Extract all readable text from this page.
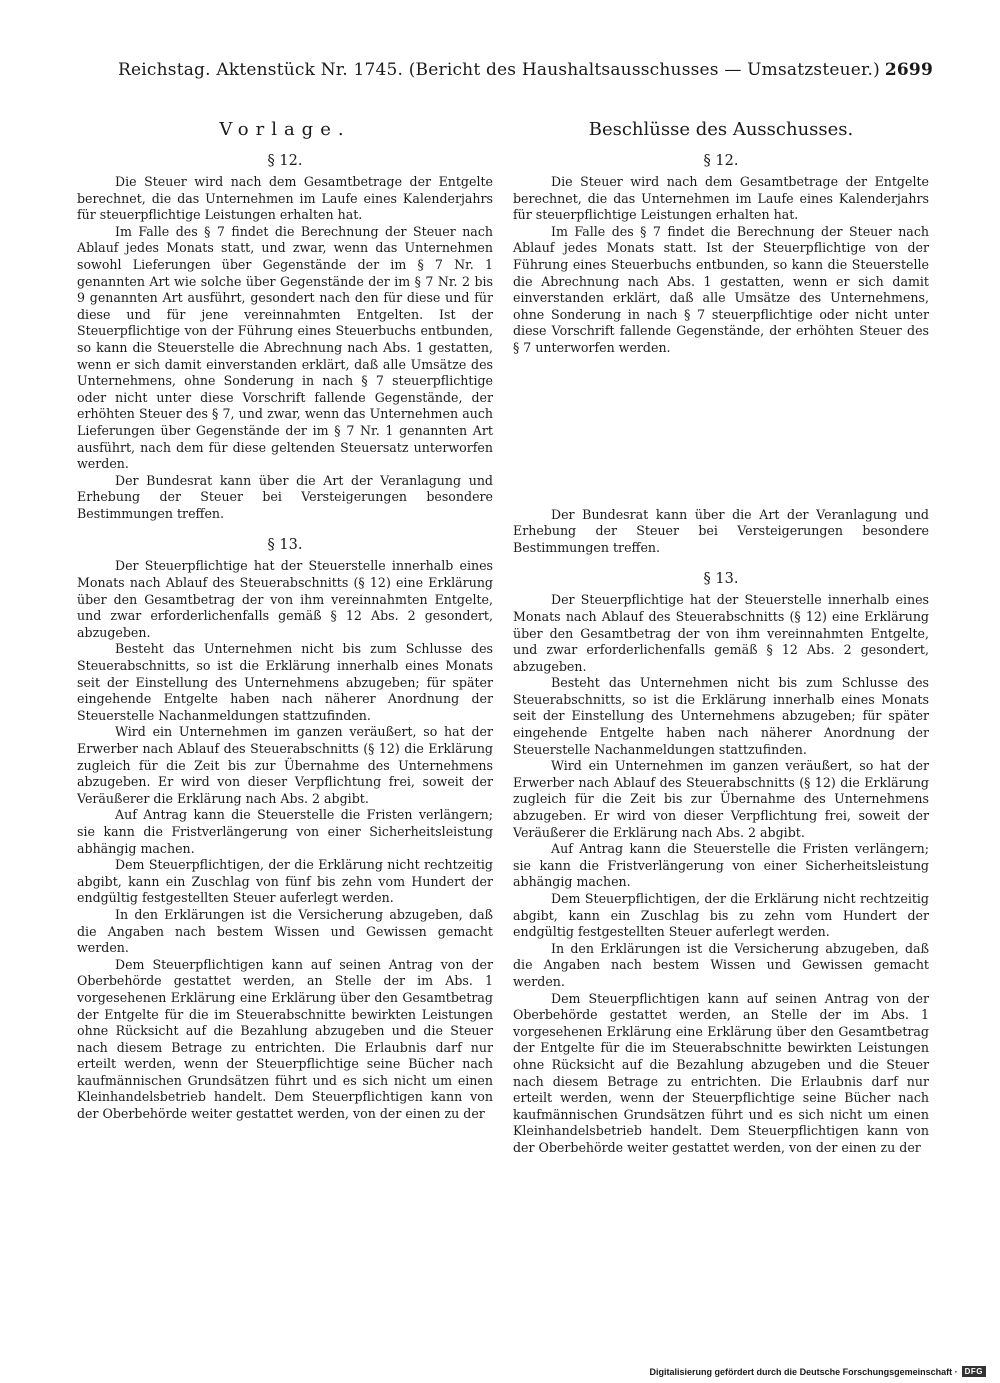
Reichstag. Aktenstück Nr. 1745. (Bericht des Haushaltsausschusses — Umsatzsteuer.) 2699
Vorlage.
§ 12.

Die Steuer wird nach dem Gesamtbetrage der Entgelte berechnet, die das Unternehmen im Laufe eines Kalenderjahrs für steuerpflichtige Leistungen erhalten hat.

Im Falle des § 7 findet die Berechnung der Steuer nach Ablauf jedes Monats statt, und zwar, wenn das Unternehmen sowohl Lieferungen über Gegenstände der im § 7 Nr. 1 genannten Art wie solche über Gegenstände der im § 7 Nr. 2 bis 9 genannten Art ausführt, gesondert nach den für diese und für diese und für jene vereinnahmten Entgelten. Ist der Steuerpflichtige von der Führung eines Steuerbuchs entbunden, so kann die Steuerstelle die Abrechnung nach Abs. 1 gestatten, wenn er sich damit einverstanden erklärt, daß alle Umsätze des Unternehmens, ohne Sonderung in nach § 7 steuerpflichtige oder nicht unter diese Vorschrift fallende Gegenstände, der erhöhten Steuer des § 7, und zwar, wenn das Unternehmen auch Lieferungen über Gegenstände der im § 7 Nr. 1 genannten Art ausführt, nach dem für diese geltenden Steuersatz unterworfen werden.

Der Bundesrat kann über die Art der Veranlagung und Erhebung der Steuer bei Versteigerungen besondere Bestimmungen treffen.

§ 13.

Der Steuerpflichtige hat der Steuerstelle innerhalb eines Monats nach Ablauf des Steuerabschnitts (§ 12) eine Erklärung über den Gesamtbetrag der von ihm vereinnahmten Entgelte, und zwar erforderlichenfalls gemäß § 12 Abs. 2 gesondert, abzugeben.

Besteht das Unternehmen nicht bis zum Schlusse des Steuerabschnitts, so ist die Erklärung innerhalb eines Monats seit der Einstellung des Unternehmens abzugeben; für später eingehende Entgelte haben nach näherer Anordnung der Steuerstelle Nachanmeldungen stattzufinden.

Wird ein Unternehmen im ganzen veräußert, so hat der Erwerber nach Ablauf des Steuerabschnitts (§ 12) die Erklärung zugleich für die Zeit bis zur Übernahme des Unternehmens abzugeben. Er wird von dieser Verpflichtung frei, soweit der Veräußerer die Erklärung nach Abs. 2 abgibt.

Auf Antrag kann die Steuerstelle die Fristen verlängern; sie kann die Fristverlängerung von einer Sicherheitsleistung abhängig machen.

Dem Steuerpflichtigen, der die Erklärung nicht rechtzeitig abgibt, kann ein Zuschlag von fünf bis zehn vom Hundert der endgültig festgestellten Steuer auferlegt werden.

In den Erklärungen ist die Versicherung abzugeben, daß die Angaben nach bestem Wissen und Gewissen gemacht werden.

Dem Steuerpflichtigen kann auf seinen Antrag von der Oberbehörde gestattet werden, an Stelle der im Abs. 1 vorgesehenen Erklärung eine Erklärung über den Gesamtbetrag der Entgelte für die im Steuerabschnitte bewirkten Leistungen ohne Rücksicht auf die Bezahlung abzugeben und die Steuer nach diesem Betrage zu entrichten. Die Erlaubnis darf nur erteilt werden, wenn der Steuerpflichtige seine Bücher nach kaufmännischen Grundsätzen führt und es sich nicht um einen Kleinhandelsbetrieb handelt. Dem Steuerpflichtigen kann von der Oberbehörde weiter gestattet werden, von der einen zu der

Beschlüsse des Ausschusses.
§ 12.

Die Steuer wird nach dem Gesamtbetrage der Entgelte berechnet, die das Unternehmen im Laufe eines Kalenderjahrs für steuerpflichtige Leistungen erhalten hat.

Im Falle des § 7 findet die Berechnung der Steuer nach Ablauf jedes Monats statt. Ist der Steuerpflichtige von der Führung eines Steuerbuchs entbunden, so kann die Steuerstelle die Abrechnung nach Abs. 1 gestatten, wenn er sich damit einverstanden erklärt, daß alle Umsätze des Unternehmens, ohne Sonderung in nach § 7 steuerpflichtige oder nicht unter diese Vorschrift fallende Gegenstände, der erhöhten Steuer des § 7 unterworfen werden.

Der Bundesrat kann über die Art der Veranlagung und Erhebung der Steuer bei Versteigerungen besondere Bestimmungen treffen.

§ 13.

Der Steuerpflichtige hat der Steuerstelle innerhalb eines Monats nach Ablauf des Steuerabschnitts (§ 12) eine Erklärung über den Gesamtbetrag der von ihm vereinnahmten Entgelte, und zwar erforderlichenfalls gemäß § 12 Abs. 2 gesondert, abzugeben.

Besteht das Unternehmen nicht bis zum Schlusse des Steuerabschnitts, so ist die Erklärung innerhalb eines Monats seit der Einstellung des Unternehmens abzugeben; für später eingehende Entgelte haben nach näherer Anordnung der Steuerstelle Nachanmeldungen stattzufinden.

Wird ein Unternehmen im ganzen veräußert, so hat der Erwerber nach Ablauf des Steuerabschnitts (§ 12) die Erklärung zugleich für die Zeit bis zur Übernahme des Unternehmens abzugeben. Er wird von dieser Verpflichtung frei, soweit der Veräußerer die Erklärung nach Abs. 2 abgibt.

Auf Antrag kann die Steuerstelle die Fristen verlängern; sie kann die Fristverlängerung von einer Sicherheitsleistung abhängig machen.

Dem Steuerpflichtigen, der die Erklärung nicht rechtzeitig abgibt, kann ein Zuschlag bis zu zehn vom Hundert der endgültig festgestellten Steuer auferlegt werden.

In den Erklärungen ist die Versicherung abzugeben, daß die Angaben nach bestem Wissen und Gewissen gemacht werden.

Dem Steuerpflichtigen kann auf seinen Antrag von der Oberbehörde gestattet werden, an Stelle der im Abs. 1 vorgesehenen Erklärung eine Erklärung über den Gesamtbetrag der Entgelte für die im Steuerabschnitte bewirkten Leistungen ohne Rücksicht auf die Bezahlung abzugeben und die Steuer nach diesem Betrage zu entrichten. Die Erlaubnis darf nur erteilt werden, wenn der Steuerpflichtige seine Bücher nach kaufmännischen Grundsätzen führt und es sich nicht um einen Kleinhandelsbetrieb handelt. Dem Steuerpflichtigen kann von der Oberbehörde weiter gestattet werden, von der einen zu der

Digitalisierung gefördert durch die Deutsche Forschungsgemeinschaft · DFG
